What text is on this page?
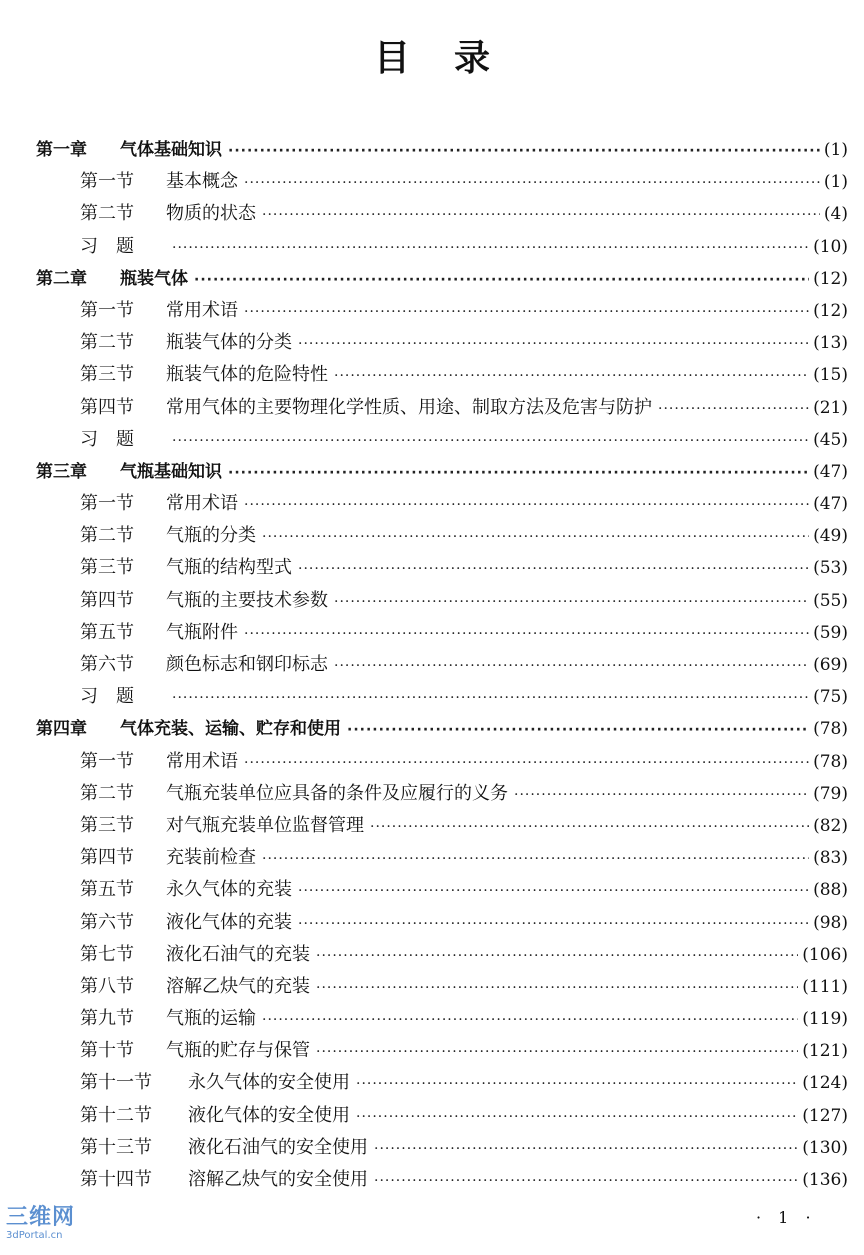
目录
第一章	气体基础知识 ·····	(1)
第一节	基本概念 ·····	(1)
第二节	物质的状态 ·····	(4)
习　题 ·····	(10)
第二章	瓶装气体 ·····	(12)
第一节	常用术语 ·····	(12)
第二节	瓶装气体的分类 ·····	(13)
第三节	瓶装气体的危险特性 ·····	(15)
第四节	常用气体的主要物理化学性质、用途、制取方法及危害与防护 ·····	(21)
习　题 ·····	(45)
第三章	气瓶基础知识 ·····	(47)
第一节	常用术语 ·····	(47)
第二节	气瓶的分类 ·····	(49)
第三节	气瓶的结构型式 ·····	(53)
第四节	气瓶的主要技术参数 ·····	(55)
第五节	气瓶附件 ·····	(59)
第六节	颜色标志和钢印标志 ·····	(69)
习　题 ·····	(75)
第四章	气体充装、运输、贮存和使用 ·····	(78)
第一节	常用术语 ·····	(78)
第二节	气瓶充装单位应具备的条件及应履行的义务 ·····	(79)
第三节	对气瓶充装单位监督管理 ·····	(82)
第四节	充装前检查 ·····	(83)
第五节	永久气体的充装 ·····	(88)
第六节	液化气体的充装 ·····	(98)
第七节	液化石油气的充装 ·····	(106)
第八节	溶解乙炔气的充装 ·····	(111)
第九节	气瓶的运输 ·····	(119)
第十节	气瓶的贮存与保管 ·····	(121)
第十一节	永久气体的安全使用 ·····	(124)
第十二节	液化气体的安全使用 ·····	(127)
第十三节	液化石油气的安全使用 ·····	(130)
第十四节	溶解乙炔气的安全使用 ·····	(136)
· 1 ·
三维网
3dPortal.cn
